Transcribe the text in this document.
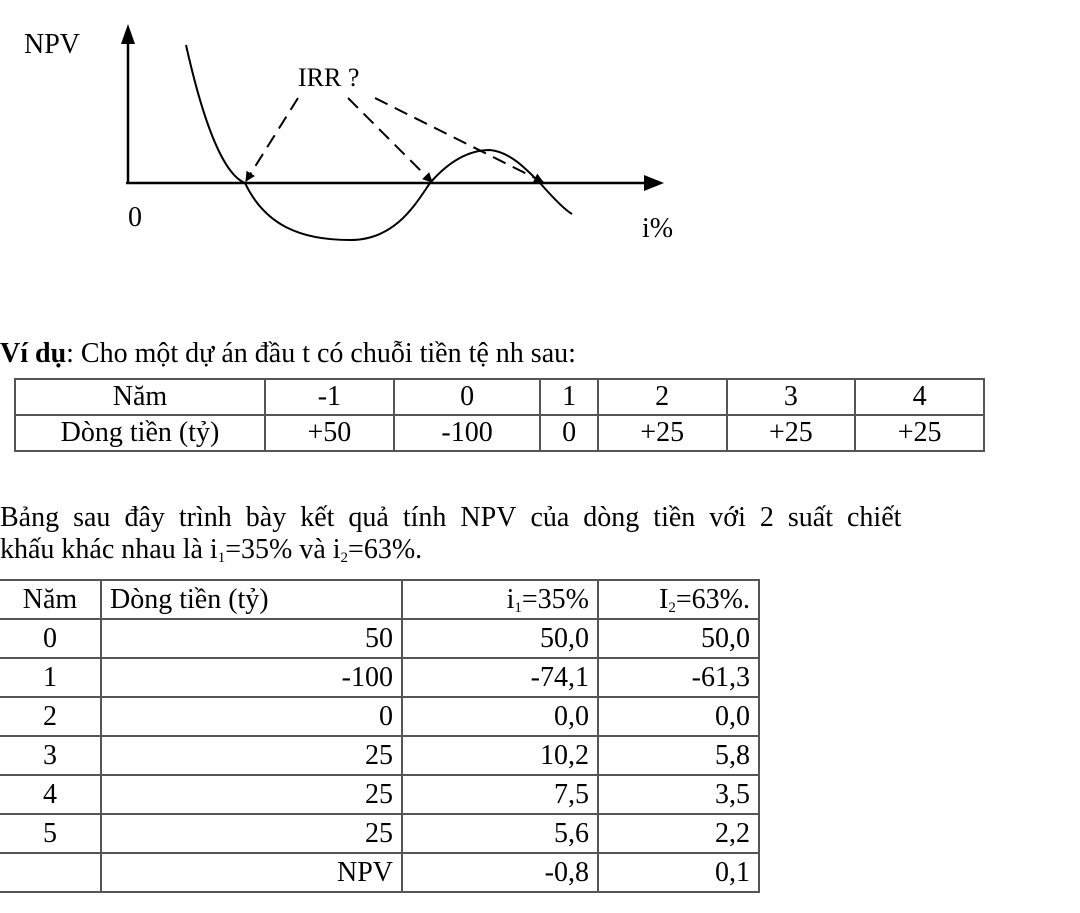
NPV
IRR ?
0	i%
Ví dụ: Cho một dự án đầu t có chuỗi tiền tệ nh sau:
Năm	-1	0	1	2	3	4
Dòng tiền (tỷ)	+50	-100	0	+25	+25	+25
Bảng sau đây trình bày kết quả tính NPV của dòng tiền với 2 suất chiết
khấu khác nhau là $i_1=35\%$ và $i_2=63\%$.
Năm	Dòng tiền (tỷ)	$i_1=35\%$	$I_2=63\%$.
0	50	50,0	50,0
1	-100	-74,1	-61,3
2	0	0,0	0,0
3	25	10,2	5,8
4	25	7,5	3,5
5	25	5,6	2,2
	NPV	-0,8	0,1
